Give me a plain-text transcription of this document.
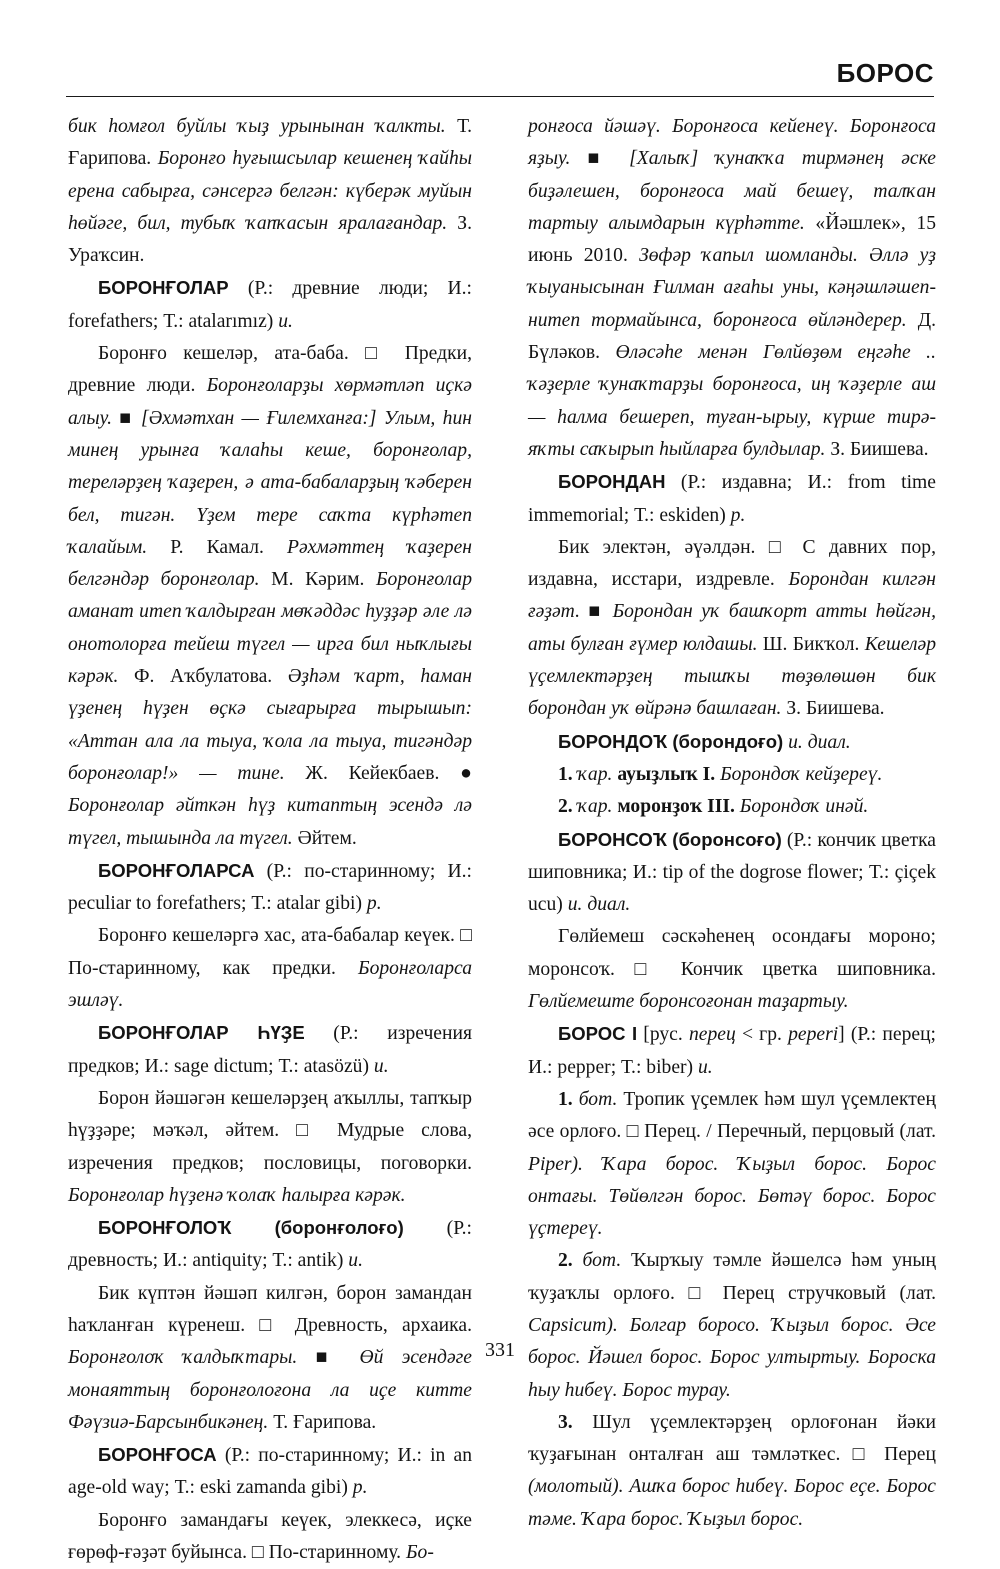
БОРОС

бик һомғол буйлы ҡыҙ урынынан ҡалкты. Т. Ғарипова. Боронғо һуғышсылар кешенең ҡайһы ерена сабырға, сәнсергә белгән: күберәк муйын һөйәге, бил, тубыҡ ҡапҡасын яралағандар. З. Ураҡсин.

БОРОНҒОЛАР (Р.: древние люди; И.: forefathers; Т.: atalarımız) и.

Боронғо кешеләр, ата-баба. □ Предки, древние люди. Боронғоларҙы хөрмәтләп иҫкә алыу. ■ [Әхмәтхан — Ғилемханға:] Улым, һин минең урынға ҡалаһы кеше, боронғолар, тереләрҙең ҡаҙерен, ә ата-бабаларҙың ҡәберен бел, тигән. Үҙем тере саҡта күрһәтеп ҡалайым. Р. Камал. Рәхмәттең ҡаҙерен белгәндәр боронғолар. М. Кәрим. Боронғолар аманат итеп ҡалдырған мөҡәддәс һуҙҙәр әле лә онотолорға тейеш түгел — ирга бил ныҡлығы кәрәк. Ф. Аҡбулатова. Әҙһәм ҡарт, һаман үҙенең һүҙен өҫкә сығарырға тырышып: «Аттан ала ла тыуа, ҡола ла тыуа, тигәндәр боронғолар!» — тине. Ж. Кейекбаев. ● Боронғолар әйткән һүҙ китаптың эсендә лә түгел, тышында ла түгел. Әйтем.

БОРОНҒОЛАРСА (Р.: по-старинному; И.: peculiar to forefathers; Т.: atalar gibi) р.

Боронғо кешеләргә хас, ата-бабалар кеүек. □ По-старинному, как предки. Боронғоларса эшләү.

БОРОНҒОЛАР ҺҮҘЕ (Р.: изречения предков; И.: sage dictum; Т.: atasözü) и.

Борон йәшәгән кешеләрҙең аҡыллы, тапҡыр һүҙҙәре; мәҡәл, әйтем. □ Мудрые слова, изречения предков; пословицы, поговорки. Боронғолар һүҙенә ҡолаҡ һалырға кәрәк.

БОРОНҒОЛОҠ (боронғолоғо) (Р.: древность; И.: antiquity; Т.: antik) и.

Бик күптән йәшәп килгән, борон замандан һаҡланған күренеш. □ Древность, архаика. Боронғолоҡ ҡалдыҡтары. ■ Өй эсендәге монаяттың боронғолоғона ла иҫе китте Фәүзиә-Барсынбикәнең. Т. Ғарипова.

БОРОНҒОСА (Р.: по-старинному; И.: in an age-old way; Т.: eski zamanda gibi) р.

Боронғо замандағы кеүек, элеккесә, иҫке ғөрөф-ғәҙәт буйынса. □ По-старинному. Бо-

ронғоса йәшәү. Боронғоса кейенеү. Боронғоса яҙыу. ■ [Халыҡ] ҡунаҡҡа тирмәнең әске биҙәлешен, боронғоса май бешеү, талҡан тартыу алымдарын күрһәтте. «Йәшлек», 15 июнь 2010. Зөфәр ҡапыл шомланды. Әллә уҙ ҡыуанысынан Ғилман ағаһы уны, кәңәшләшеп-нитеп тормайынса, боронғоса өйләндерер. Д. Бүләков. Өләсәһе менән Гөлйөҙөм еңгәһе .. ҡәҙерле ҡунаҡтарҙы боронғоса, иң ҡәҙерле аш — һалма бешереп, туған-ырыу, күрше тирә-яҡты саҡырып һыйларға булдылар. З. Биишева.

БОРОНДАН (Р.: издавна; И.: from time immemorial; Т.: eskiden) р.

Бик электән, әүәлдән. □ С давних пор, издавна, исстари, издревле. Борондан килгән ғәҙәт. ■ Борондан уҡ башҡорт атты һөйгән, аты булған ғүмер юлдашы. Ш. Бикҡол. Кешеләр үҫемлектәрҙең тышҡы төҙөлөшөн бик борондан уҡ өйрәнә башлаған. З. Биишева.

БОРОНДОҠ (борондоғо) и. диал.

1. ҡар. ауыҙлыҡ I. Борондоҡ кейҙереү.

2. ҡар. моронҙоҡ III. Борондоҡ инәй.

БОРОНСОҠ (боронсоғо) (Р.: кончик цветка шиповника; И.: tip of the dogrose flower; Т.: çiçek ucu) и. диал.

Гөлйемеш сәскәһенең осондағы мороно; моронсоҡ. □ Кончик цветка шиповника. Гөлйемеште боронсоғонан таҙартыу.

БОРОС I [рус. перец < гр. peperi] (Р.: перец; И.: pepper; Т.: biber) и.

1. бот. Тропик үҫемлек һәм шул үҫемлектең әсе орлоғо. □ Перец. / Перечный, перцовый (лат. Piper). Ҡара борос. Ҡыҙыл борос. Борос онтағы. Төйөлгән борос. Бөтәү борос. Борос үҫтереү.

2. бот. Ҡырҡыу тәмле йәшелсә һәм уның ҡуҙаҡлы орлоғо. □ Перец стручковый (лат. Capsicum). Болгар боросо. Ҡыҙыл борос. Әсе борос. Йәшел борос. Борос ултыртыу. Бороска һыу һибеү. Борос турау.

3. Шул үҫемлектәрҙең орлоғонан йәки ҡуҙағынан онталған аш тәмләткес. □ Перец (молотый). Ашҡа борос һибеү. Борос еҫе. Борос тәме. Ҡара борос. Ҡыҙыл борос.

331
